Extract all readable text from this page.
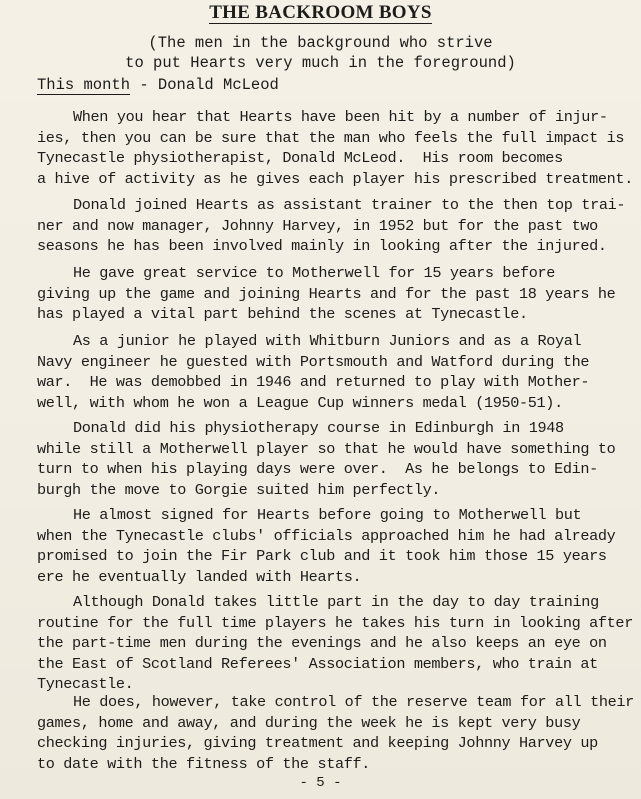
THE BACKROOM BOYS
(The men in the background who strive
to put Hearts very much in the foreground)
This month - Donald McLeod
When you hear that Hearts have been hit by a number of injur-
ies, then you can be sure that the man who feels the full impact is
Tynecastle physiotherapist, Donald McLeod.  His room becomes
a hive of activity as he gives each player his prescribed treatment.
Donald joined Hearts as assistant trainer to the then top trai-
ner and now manager, Johnny Harvey, in 1952 but for the past two
seasons he has been involved mainly in looking after the injured.
He gave great service to Motherwell for 15 years before
giving up the game and joining Hearts and for the past 18 years he
has played a vital part behind the scenes at Tynecastle.
As a junior he played with Whitburn Juniors and as a Royal
Navy engineer he guested with Portsmouth and Watford during the
war.  He was demobbed in 1946 and returned to play with Mother-
well, with whom he won a League Cup winners medal (1950-51).
Donald did his physiotherapy course in Edinburgh in 1948
while still a Motherwell player so that he would have something to
turn to when his playing days were over.  As he belongs to Edin-
burgh the move to Gorgie suited him perfectly.
He almost signed for Hearts before going to Motherwell but
when the Tynecastle clubs' officials approached him he had already
promised to join the Fir Park club and it took him those 15 years
ere he eventually landed with Hearts.
Although Donald takes little part in the day to day training
routine for the full time players he takes his turn in looking after
the part-time men during the evenings and he also keeps an eye on
the East of Scotland Referees' Association members, who train at
Tynecastle.
He does, however, take control of the reserve team for all their
games, home and away, and during the week he is kept very busy
checking injuries, giving treatment and keeping Johnny Harvey up
to date with the fitness of the staff.
- 5 -
